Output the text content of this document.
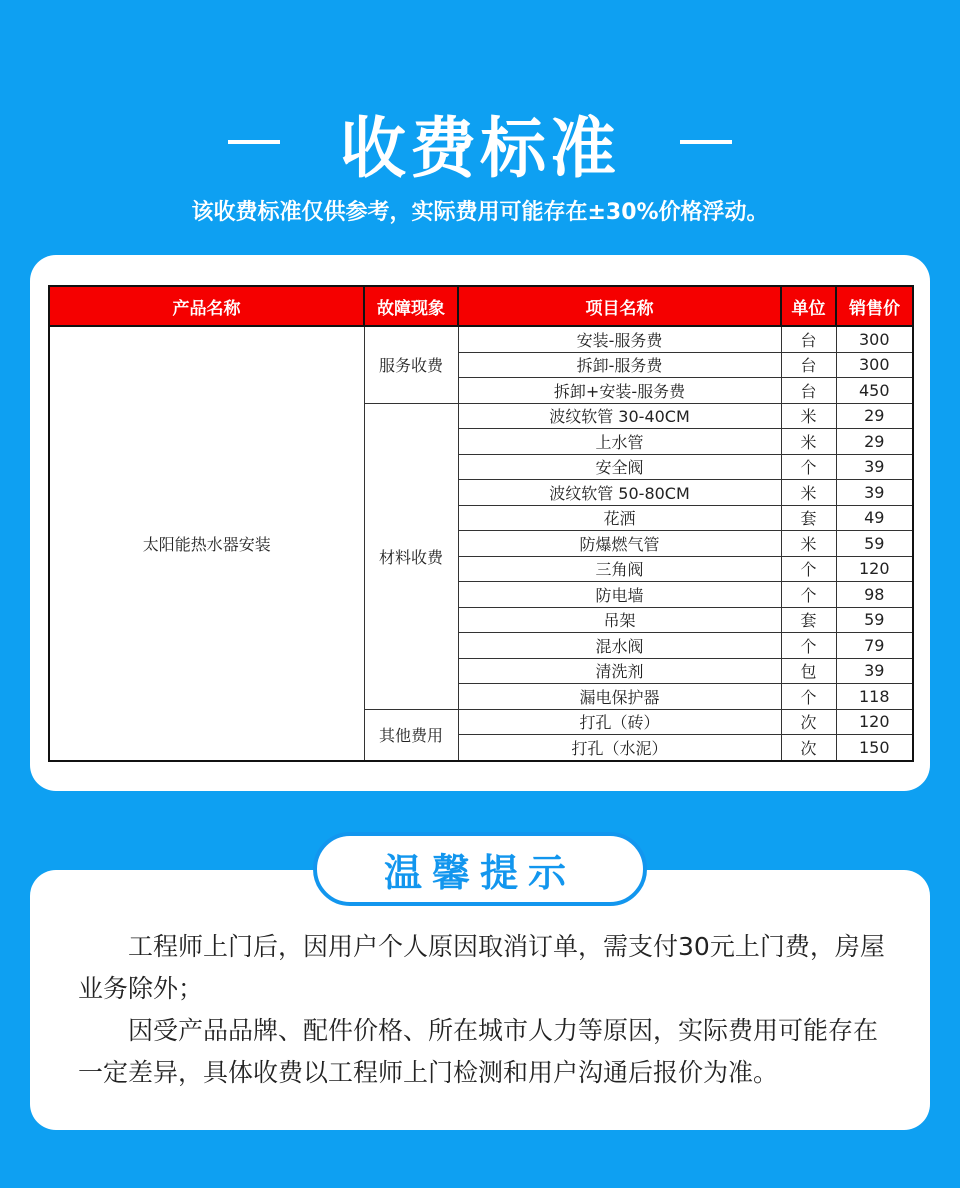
收费标准
该收费标准仅供参考，实际费用可能存在±30%价格浮动。
产品名称	故障现象	项目名称	单位	销售价
太阳能热水器安装	服务收费	安装-服务费	台	300
		拆卸-服务费	台	300
		拆卸+安装-服务费	台	450
	材料收费	波纹软管 30-40CM	米	29
		上水管	米	29
		安全阀	个	39
		波纹软管 50-80CM	米	39
		花洒	套	49
		防爆燃气管	米	59
		三角阀	个	120
		防电墙	个	98
		吊架	套	59
		混水阀	个	79
		清洗剂	包	39
		漏电保护器	个	118
	其他费用	打孔（砖）	次	120
		打孔（水泥）	次	150

工程师上门后，因用户个人原因取消订单，需支付30元上门费，房屋业务除外；

因受产品品牌、配件价格、所在城市人力等原因，实际费用可能存在一定差异，具体收费以工程师上门检测和用户沟通后报价为准。

温馨提示
